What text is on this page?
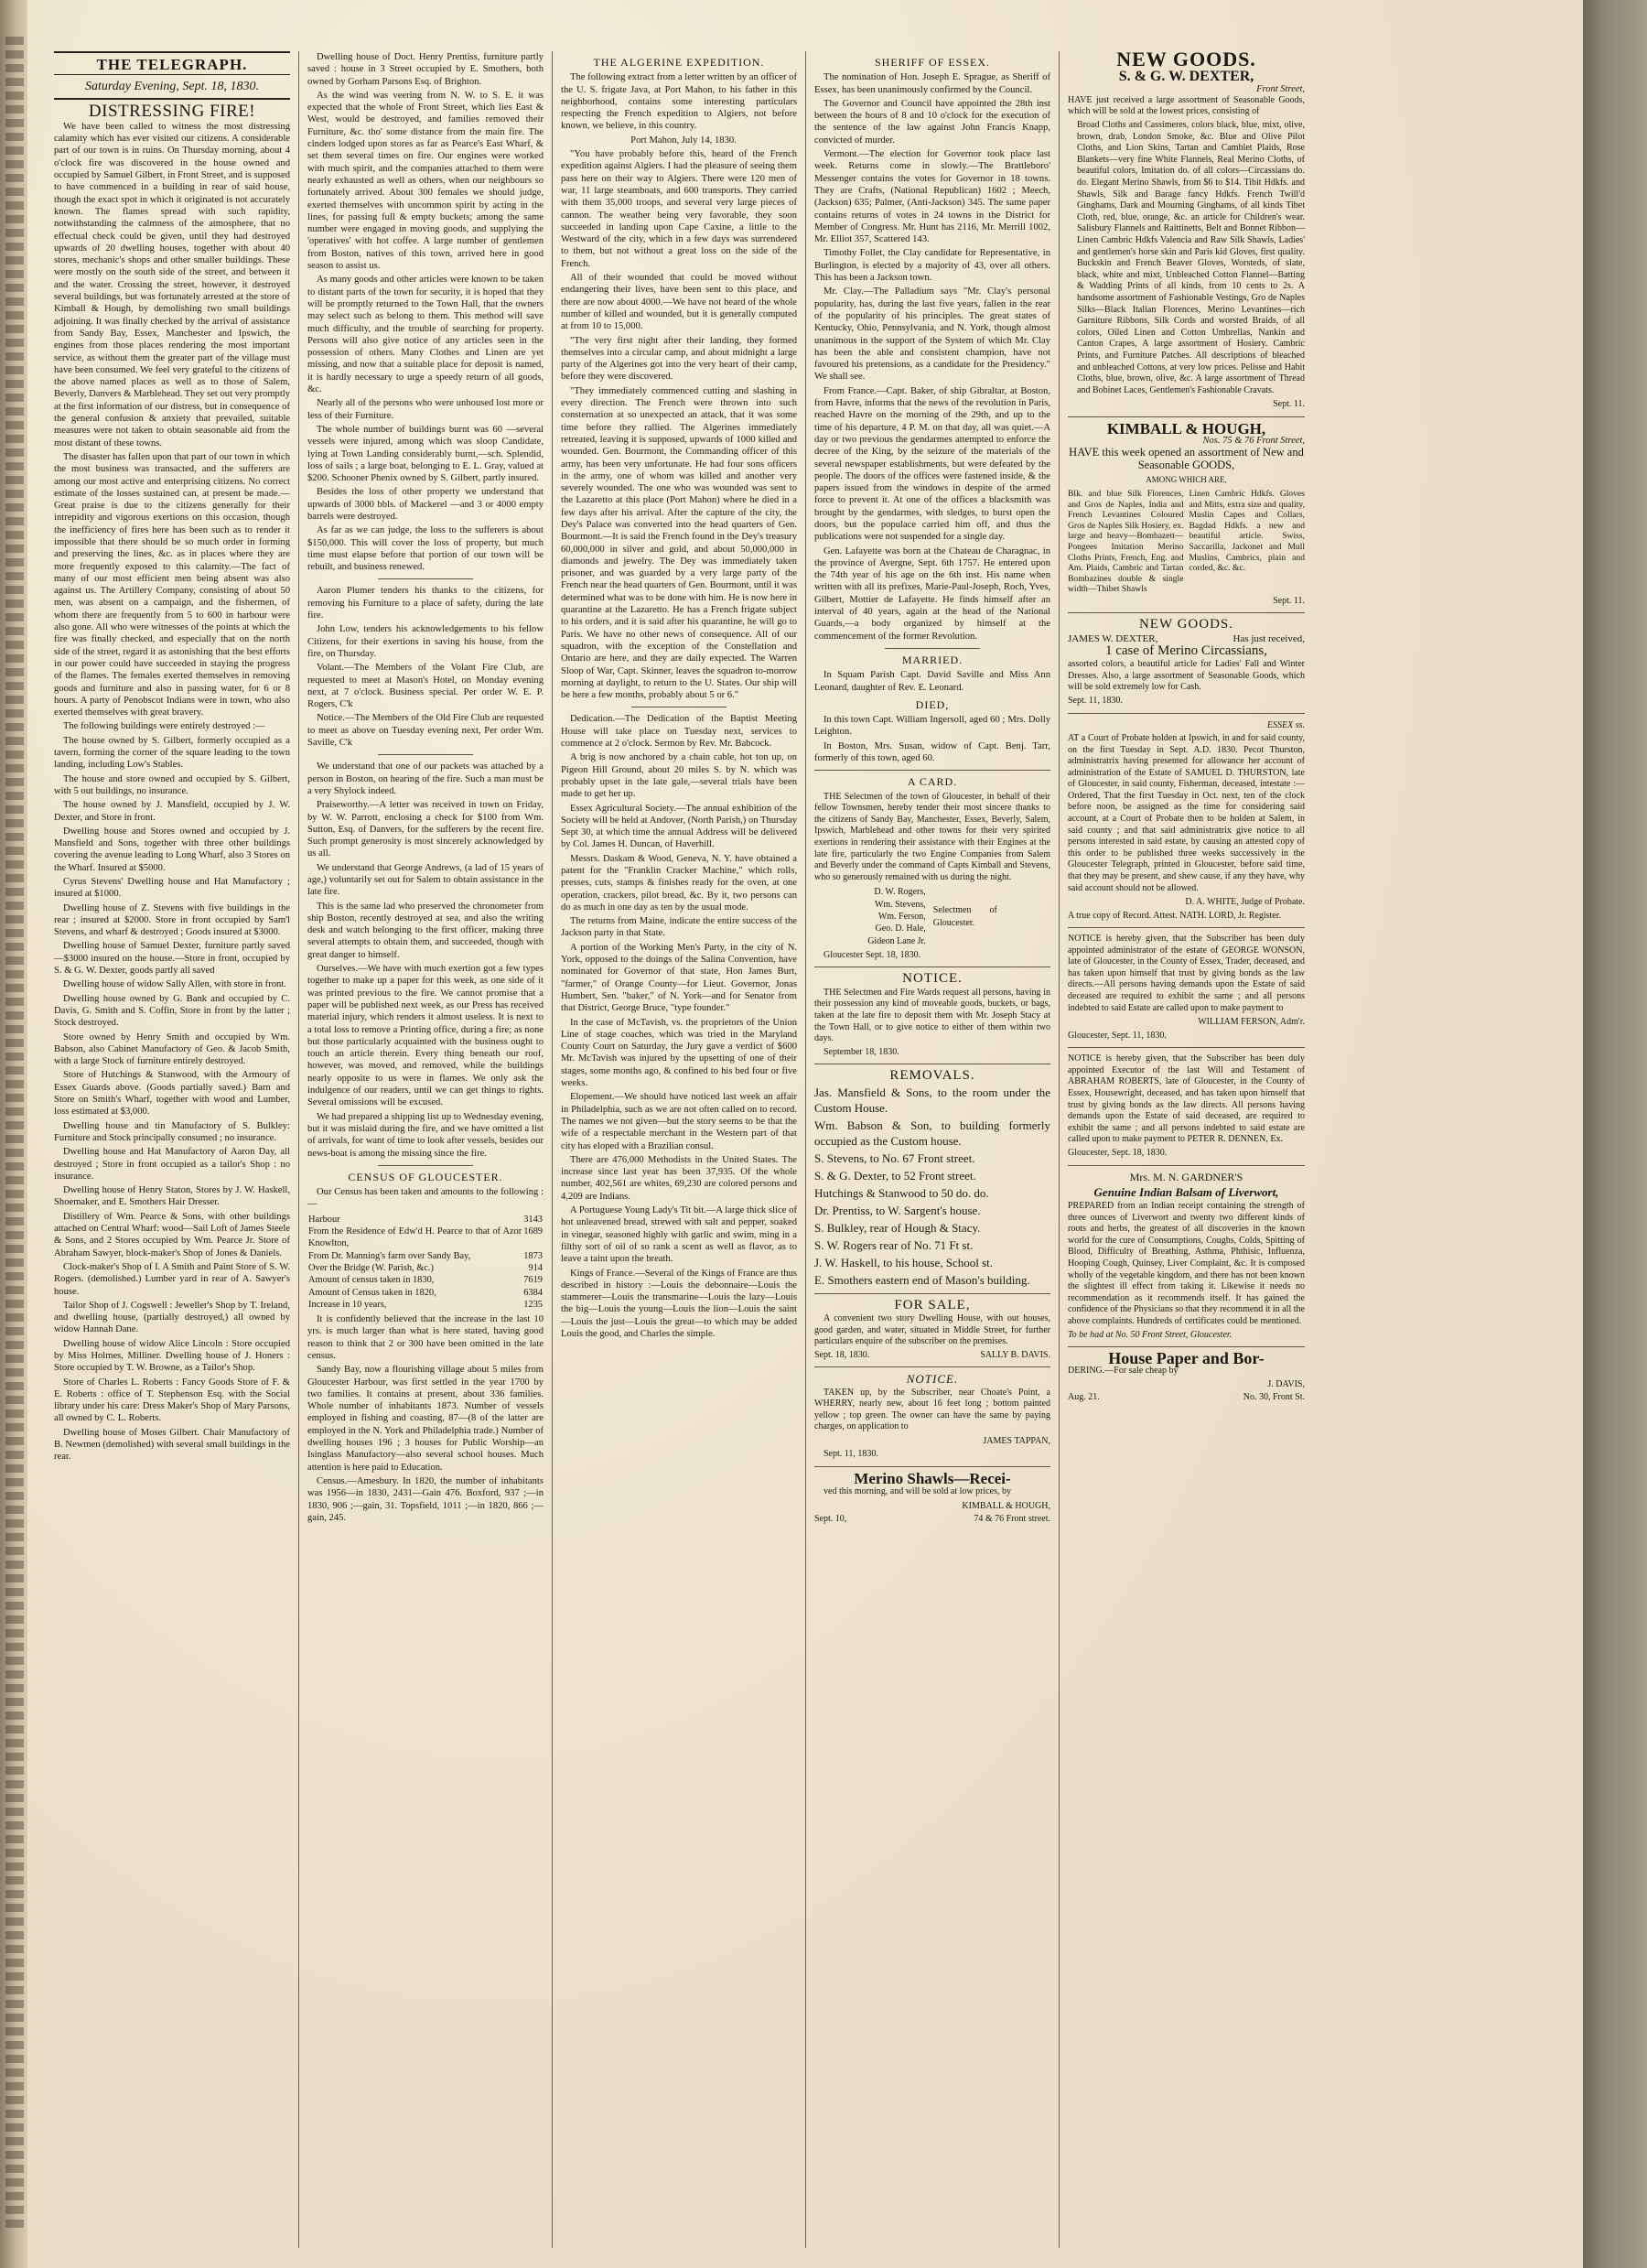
THE TELEGRAPH.
Saturday Evening, Sept. 18, 1830.
DISTRESSING FIRE!

We have been called to witness the most distressing calamity which has ever visited our citizens. A considerable part of our town is in ruins. On Thursday morning, about 4 o'clock fire was discovered in the house owned and occupied by Samuel Gilbert, in Front Street, and is supposed to have commenced in a building in rear of said house, though the exact spot in which it originated is not accurately known. The flames spread with such rapidity, notwithstanding the calmness of the atmosphere, that no effectual check could be given, until they had destroyed upwards of 20 dwelling houses, together with about 40 stores, mechanic's shops and other smaller buildings. These were mostly on the south side of the street, and between it and the water. Crossing the street, however, it destroyed several buildings, but was fortunately arrested at the store of Kimball & Hough, by demolishing two small buildings adjoining. It was finally checked by the arrival of assistance from Sandy Bay, Essex, Manchester and Ipswich, the engines from those places rendering the most important service, as without them the greater part of the village must have been consumed. We feel very grateful to the citizens of the above named places as well as to those of Salem, Beverly, Danvers & Marblehead. They set out very promptly at the first information of our distress, but in consequence of the general confusion & anxiety that prevailed, suitable measures were not taken to obtain seasonable aid from the most distant of these towns.

The disaster has fallen upon that part of our town in which the most business was transacted, and the sufferers are among our most active and enterprising citizens. No correct estimate of the losses sustained can, at present be made.—Great praise is due to the citizens generally for their intrepidity and vigorous exertions on this occasion, though the inefficiency of fires here has been such as to render it impossible that there should be so much order in forming and preserving the lines, &c. as in places where they are more frequently exposed to this calamity.—The fact of many of our most efficient men being absent was also against us. The Artillery Company, consisting of about 50 men, was absent on a campaign, and the fishermen, of whom there are frequently from 5 to 600 in harbour were also gone. All who were witnesses of the points at which the fire was finally checked, and especially that on the north side of the street, regard it as astonishing that the best efforts in our power could have succeeded in staying the progress of the flames. The females exerted themselves in removing goods and furniture and also in passing water, for 6 or 8 hours. A party of Penobscot Indians were in town, who also exerted themselves with great bravery.

The following buildings were entirely destroyed :—

The house owned by S. Gilbert, formerly occupied as a tavern, forming the corner of the square leading to the town landing, including Low's Stables.

The house and store owned and occupied by S. Gilbert, with 5 out buildings, no insurance.

The house owned by J. Mansfield, occupied by J. W. Dexter, and Store in front.

Dwelling house and Stores owned and occupied by J. Mansfield and Sons, together with three other buildings covering the avenue leading to Long Wharf, also 3 Stores on the Wharf. Insured at $5000.

Cyrus Stevens' Dwelling house and Hat Manufactory ; insured at $1000.

Dwelling house of Z. Stevens with five buildings in the rear ; insured at $2000. Store in front occupied by Sam'l Stevens, and wharf & destroyed ; Goods insured at $3000.

Dwelling house of Samuel Dexter, furniture partly saved—$3000 insured on the house.—Store in front, occupied by S. & G. W. Dexter, goods partly all saved

Dwelling house of widow Sally Allen, with store in front.

Dwelling house owned by G. Bank and occupied by C. Davis, G. Smith and S. Coffin, Store in front by the latter ; Stock destroyed.

Store owned by Henry Smith and occupied by Wm. Babson, also Cabinet Manufactory of Geo. & Jacob Smith, with a large Stock of furniture entirely destroyed.

Store of Hutchings & Stanwood, with the Armoury of Essex Guards above. (Goods partially saved.) Barn and Store on Smith's Wharf, together with wood and Lumber, loss estimated at $3,000.

Dwelling house and tin Manufactory of S. Bulkley: Furniture and Stock principally consumed ; no insurance.

Dwelling house and Hat Manufactory of Aaron Day, all destroyed ; Store in front occupied as a tailor's Shop : no insurance.

Dwelling house of Henry Staton, Stores by J. W. Haskell, Shoemaker, and E. Smothers Hair Dresser.

Distillery of Wm. Pearce & Sons, with other buildings attached on Central Wharf: wood—Sail Loft of James Steele & Sons, and 2 Stores occupied by Wm. Pearce Jr. Store of Abraham Sawyer, block-maker's Shop of Jones & Daniels.

Clock-maker's Shop of I. A Smith and Paint Store of S. W. Rogers. (demolished.) Lumber yard in rear of A. Sawyer's house.

Tailor Shop of J. Cogswell : Jeweller's Shop by T. Ireland, and dwelling house, (partially destroyed,) all owned by widow Hannah Dane.

Dwelling house of widow Alice Lincoln : Store occupied by Miss Holmes, Milliner. Dwelling house of J. Honers : Store occupied by T. W. Browne, as a Tailor's Shop.

Store of Charles L. Roberts : Fancy Goods Store of F. & E. Roberts : office of T. Stephenson Esq. with the Social library under his care: Dress Maker's Shop of Mary Parsons, all owned by C. L. Roberts.

Dwelling house of Moses Gilbert. Chair Manufactory of B. Newmen (demolished) with several small buildings in the rear.

Dwelling house of Doct. Henry Prentiss, furniture partly saved : house in 3 Street occupied by E. Smothers, both owned by Gorham Parsons Esq. of Brighton.

As the wind was veering from N. W. to S. E. it was expected that the whole of Front Street, which lies East & West, would be destroyed, and families removed their Furniture, &c. tho' some distance from the main fire. The cinders lodged upon stores as far as Pearce's East Wharf, & set them several times on fire. Our engines were worked with much spirit, and the companies attached to them were nearly exhausted as well as others, when our neighbours so fortunately arrived. About 300 females we should judge, exerted themselves with uncommon spirit by acting in the lines, for passing full & empty buckets; among the same number were engaged in moving goods, and supplying the 'operatives' with hot coffee. A large number of gentlemen from Boston, natives of this town, arrived here in good season to assist us.

As many goods and other articles were known to be taken to distant parts of the town for security, it is hoped that they will be promptly returned to the Town Hall, that the owners may select such as belong to them. This method will save much difficulty, and the trouble of searching for property. Persons will also give notice of any articles seen in the possession of others. Many Clothes and Linen are yet missing, and now that a suitable place for deposit is named, it is hardly necessary to urge a speedy return of all goods, &c.

Nearly all of the persons who were unhoused lost more or less of their Furniture.

The whole number of buildings burnt was 60 —several vessels were injured, among which was sloop Candidate, lying at Town Landing considerably burnt,—sch. Splendid, loss of sails ; a large boat, belonging to E. L. Gray, valued at $200. Schooner Phenix owned by S. Gilbert, partly insured.

Besides the loss of other property we understand that upwards of 3000 bbls. of Mackerel —and 3 or 4000 empty barrels were destroyed.

As far as we can judge, the loss to the sufferers is about $150,000. This will cover the loss of property, but much time must elapse before that portion of our town will be rebuilt, and business renewed.

Aaron Plumer tenders his thanks to the citizens, for removing his Furniture to a place of safety, during the late fire.

John Low, tenders his acknowledgements to his fellow Citizens, for their exertions in saving his house, from the fire, on Thursday.

Volant.—The Members of the Volant Fire Club, are requested to meet at Mason's Hotel, on Monday evening next, at 7 o'clock. Business special. Per order W. E. P. Rogers, C'k

Notice.—The Members of the Old Fire Club are requested to meet as above on Tuesday evening next, Per order Wm. Saville, C'k

We understand that one of our packets was attached by a person in Boston, on hearing of the fire. Such a man must be a very Shylock indeed.

Praiseworthy.—A letter was received in town on Friday, by W. W. Parrott, enclosing a check for $100 from Wm. Sutton, Esq. of Danvers, for the sufferers by the recent fire. Such prompt generosity is most sincerely acknowledged by us all.

We understand that George Andrews, (a lad of 15 years of age,) voluntarily set out for Salem to obtain assistance in the late fire.

This is the same lad who preserved the chronometer from ship Boston, recently destroyed at sea, and also the writing desk and watch belonging to the first officer, making three several attempts to obtain them, and succeeded, though with great danger to himself.

Ourselves.—We have with much exertion got a few types together to make up a paper for this week, as one side of it was printed previous to the fire. We cannot promise that a paper will be published next week, as our Press has received material injury, which renders it almost useless. It is next to a total loss to remove a Printing office, during a fire; as none but those particularly acquainted with the business ought to touch an article therein. Every thing beneath our roof, however, was moved, and removed, while the buildings nearly opposite to us were in flames. We only ask the indulgence of our readers, until we can get things to rights. Several omissions will be excused.

We had prepared a shipping list up to Wednesday evening, but it was mislaid during the fire, and we have omitted a list of arrivals, for want of time to look after vessels, besides our news-boat is among the missing since the fire.

CENSUS OF GLOUCESTER.

Our Census has been taken and amounts to the following :—

Harbour	3143
From the Residence of Edw'd H. Pearce to that of Azor Knowlton,	1689
From Dr. Manning's farm over Sandy Bay,	1873
Over the Bridge (W. Parish, &c.)	914
Amount of census taken in 1830,	7619
Amount of Census taken in 1820,	6384
Increase in 10 years,	1235

It is confidently believed that the increase in the last 10 yrs. is much larger than what is here stated, having good reason to think that 2 or 300 have been omitted in the late census.

Sandy Bay, now a flourishing village about 5 miles from Gloucester Harbour, was first settled in the year 1700 by two families. It contains at present, about 336 families. Whole number of inhabitants 1873. Number of vessels employed in fishing and coasting, 87—(8 of the latter are employed in the N. York and Philadelphia trade.) Number of dwelling houses 196 ; 3 houses for Public Worship—an Isinglass Manufactory—also several school houses. Much attention is here paid to Education.

Census.—Amesbury. In 1820, the number of inhabitants was 1956—in 1830, 2431—Gain 476. Boxford, 937 ;—in 1830, 906 ;—gain, 31. Topsfield, 1011 ;—in 1820, 866 ;—gain, 245.

THE ALGERINE EXPEDITION.

The following extract from a letter written by an officer of the U. S. frigate Java, at Port Mahon, to his father in this neighborhood, contains some interesting particulars respecting the French expedition to Algiers, not before known, we believe, in this country.

Port Mahon, July 14, 1830.

"You have probably before this, heard of the French expedition against Algiers. I had the pleasure of seeing them pass here on their way to Algiers. There were 120 men of war, 11 large steamboats, and 600 transports. They carried with them 35,000 troops, and several very large pieces of cannon. The weather being very favorable, they soon succeeded in landing upon Cape Caxine, a little to the Westward of the city, which in a few days was surrendered to them, but not without a great loss on the side of the French.

All of their wounded that could be moved without endangering their lives, have been sent to this place, and there are now about 4000.—We have not heard of the whole number of killed and wounded, but it is generally computed at from 10 to 15,000.

"The very first night after their landing, they formed themselves into a circular camp, and about midnight a large party of the Algerines got into the very heart of their camp, before they were discovered.

"They immediately commenced cutting and slashing in every direction. The French were thrown into such consternation at so unexpected an attack, that it was some time before they rallied. The Algerines immediately retreated, leaving it is supposed, upwards of 1000 killed and wounded. Gen. Bourmont, the Commanding officer of this army, has been very unfortunate. He had four sons officers in the army, one of whom was killed and another very severely wounded. The one who was wounded was sent to the Lazaretto at this place (Port Mahon) where he died in a few days after his arrival. After the capture of the city, the Dey's Palace was converted into the head quarters of Gen. Bourmont.—It is said the French found in the Dey's treasury 60,000,000 in silver and gold, and about 50,000,000 in diamonds and jewelry. The Dey was immediately taken prisoner, and was guarded by a very large party of the French near the head quarters of Gen. Bourmont, until it was determined what was to be done with him. He is now here in quarantine at the Lazaretto. He has a French frigate subject to his orders, and it is said after his quarantine, he will go to Paris. We have no other news of consequence. All of our squadron, with the exception of the Constellation and Ontario are here, and they are daily expected. The Warren Sloop of War, Capt. Skinner, leaves the squadron to-morrow morning at daylight, to return to the U. States. Our ship will be here a few months, probably about 5 or 6."

Dedication.—The Dedication of the Baptist Meeting House will take place on Tuesday next, services to commence at 2 o'clock. Sermon by Rev. Mr. Babcock.

A brig is now anchored by a chain cable, hot ton up, on Pigeon Hill Ground, about 20 miles S. by N. which was probably upset in the late gale,—several trials have been made to get her up.

Essex Agricultural Society.—The annual exhibition of the Society will be held at Andover, (North Parish,) on Thursday Sept 30, at which time the annual Address will be delivered by Col. James H. Duncan, of Haverhill.

Messrs. Daskam & Wood, Geneva, N. Y. have obtained a patent for the "Franklin Cracker Machine," which rolls, presses, cuts, stamps & finishes ready for the oven, at one operation, crackers, pilot bread, &c. By it, two persons can do as much in one day as ten by the usual mode.

The returns from Maine, indicate the entire success of the Jackson party in that State.

A portion of the Working Men's Party, in the city of N. York, opposed to the doings of the Salina Convention, have nominated for Governor of that state, Hon James Burt, "farmer," of Orange County—for Lieut. Governor, Jonas Humbert, Sen. "baker," of N. York—and for Senator from that District, George Bruce, "type founder."

In the case of McTavish, vs. the proprietors of the Union Line of stage coaches, which was tried in the Maryland County Court on Saturday, the Jury gave a verdict of $600 Mr. McTavish was injured by the upsetting of one of their stages, some months ago, & confined to his bed four or five weeks.

Elopement.—We should have noticed last week an affair in Philadelphia, such as we are not often called on to record. The names we not given—but the story seems to be that the wife of a respectable merchant in the Western part of that city has eloped with a Brazilian consul.

There are 476,000 Methodists in the United States. The increase since last year has been 37,935. Of the whole number, 402,561 are whites, 69,230 are colored persons and 4,209 are Indians.

A Portuguese Young Lady's Tit bit.—A large thick slice of hot unleavened bread, strewed with salt and pepper, soaked in vinegar, seasoned highly with garlic and swim, ming in a filthy sort of oil of so rank a scent as well as flavor, as to leave a taint upon the breath.

Kings of France.—Several of the Kings of France are thus described in history :—Louis the debonnaire—Louis the stammerer—Louis the transmarine—Louis the lazy—Louis the big—Louis the young—Louis the lion—Louis the saint —Louis the just—Louis the great—to which may be added Louis the good, and Charles the simple.

SHERIFF OF ESSEX.

The nomination of Hon. Joseph E. Sprague, as Sheriff of Essex, has been unanimously confirmed by the Council.

The Governor and Council have appointed the 28th inst between the hours of 8 and 10 o'clock for the execution of the sentence of the law against John Francis Knapp, convicted of murder.

Vermont.—The election for Governor took place last week. Returns come in slowly.—The Brattleboro' Messenger contains the votes for Governor in 18 towns. They are Crafts, (National Republican) 1602 ; Meech, (Jackson) 635; Palmer, (Anti-Jackson) 345. The same paper contains returns of votes in 24 towns in the District for Member of Congress. Mr. Hunt has 2116, Mr. Merrill 1002, Mr. Elliot 357, Scattered 143.

Timothy Follet, the Clay candidate for Representative, in Burlington, is elected by a majority of 43, over all others. This has been a Jackson town.

Mr. Clay.—The Palladium says "Mr. Clay's personal popularity, has, during the last five years, fallen in the rear of the popularity of his principles. The great states of Kentucky, Ohio, Pennsylvania, and N. York, though almost unanimous in the support of the System of which Mr. Clay has been the able and consistent champion, have not favoured his pretensions, as a candidate for the Presidency." We shall see.

From France.—Capt. Baker, of ship Gibraltar, at Boston, from Havre, informs that the news of the revolution in Paris, reached Havre on the morning of the 29th, and up to the time of his departure, 4 P. M. on that day, all was quiet.—A day or two previous the gendarmes attempted to enforce the decree of the King, by the seizure of the materials of the several newspaper establishments, but were defeated by the people. The doors of the offices were fastened inside, & the papers issued from the windows in despite of the armed force to prevent it. At one of the offices a blacksmith was brought by the gendarmes, with sledges, to burst open the doors, but the populace carried him off, and thus the publications were not suspended for a single day.

Gen. Lafayette was born at the Chateau de Charagnac, in the province of Avergne, Sept. 6th 1757. He entered upon the 74th year of his age on the 6th inst. His name when written with all its prefixes, Marie-Paul-Joseph, Roch, Yves, Gilbert, Mottier de Lafayette. He finds himself after an interval of 40 years, again at the head of the National Guards,—a body organized by himself at the commencement of the former Revolution.

MARRIED.

In Squam Parish Capt. David Saville and Miss Ann Leonard, daughter of Rev. E. Leonard.

DIED,

In this town Capt. William Ingersoll, aged 60 ; Mrs. Dolly Leighton.

In Boston, Mrs. Susan, widow of Capt. Benj. Tarr, formerly of this town, aged 60.

A CARD.

THE Selectmen of the town of Gloucester, in behalf of their fellow Townsmen, hereby tender their most sincere thanks to the citizens of Sandy Bay, Manchester, Essex, Beverly, Salem, Ipswich, Marblehead and other towns for their very spirited exertions in rendering their assistance with their Engines at the late fire, particularly the two Engine Companies from Salem and Beverly under the command of Capts Kimball and Stevens, who so generously remained with us during the night.

D. W. Rogers,
Wm. Stevens,
Wm. Ferson,
Geo. D. Hale,
Gideon Lane Jr.
Selectmen of Gloucester.

Gloucester Sept. 18, 1830.

NOTICE.

THE Selectmen and Fire Wards request all persons, having in their possession any kind of moveable goods, buckets, or bags, taken at the late fire to deposit them with Mr. Joseph Stacy at the Town Hall, or to give notice to either of them within two days.

September 18, 1830.

REMOVALS.

Jas. Mansfield & Sons, to the room under the Custom House.

Wm. Babson & Son, to building formerly occupied as the Custom house.

S. Stevens, to No. 67 Front street.

S. & G. Dexter, to 52 Front street.

Hutchings & Stanwood to 50 do. do.

Dr. Prentiss, to W. Sargent's house.

S. Bulkley, rear of Hough & Stacy.

S. W. Rogers rear of No. 71 Ft st.

J. W. Haskell, to his house, School st.

E. Smothers eastern end of Mason's building.

FOR SALE,

A convenient two story Dwelling House, with out houses, good garden, and water, situated in Middle Street, for further particulars enquire of the subscriber on the premises.

Sept. 18, 1830.	SALLY B. DAVIS.
NOTICE.

TAKEN up, by the Subscriber, near Choate's Point, a WHERRY, nearly new, about 16 feet long ; bottom painted yellow ; top green. The owner can have the same by paying charges, on application to

JAMES TAPPAN,

Sept. 11, 1830.

Merino Shawls—Recei-

ved this morning, and will be sold at low prices, by

KIMBALL & HOUGH,

Sept. 10,	74 & 76 Front street.
NEW GOODS.
S. & G. W. DEXTER,
Front Street,

HAVE just received a large assortment of Seasonable Goods, which will be sold at the lowest prices, consisting of

Broad Cloths and Cassimeres, colors black, blue, mixt, olive, brown, drab, London Smoke, &c. Blue and Olive Pilot Cloths, and Lion Skins, Tartan and Camblet Plaids, Rose Blankets—very fine White Flannels, Real Merino Cloths, of beautiful colors, Imitation do. of all colors—Circassians do. do. Elegant Merino Shawls, from $6 to $14. Tibit Hdkfs. and Shawls, Silk and Barage fancy Hdkfs. French Twill'd Ginghams, Dark and Mourning Ginghams, of all kinds Tibet Cloth, red, blue, orange, &c. an article for Children's wear. Salisbury Flannels and Raittinetts, Belt and Bonnet Ribbon—Linen Cambric Hdkfs Valencia and Raw Silk Shawls, Ladies' and gentlemen's horse skin and Paris kid Gloves, first quality. Buckskin and French Beaver Gloves, Worsteds, of slate, black, white and mixt, Unbleached Cotton Flannel—Batting & Wadding Prints of all kinds, from 10 cents to 2s. A handsome assortment of Fashionable Vestings, Gro de Naples Silks—Black Italian Florences, Merino Levantines—rich Garniture Ribbons, Silk Cords and worsted Braids, of all colors, Oiled Linen and Cotton Umbrellas, Nankin and Canton Crapes, A large assortment of Hosiery. Cambric Prints, and Furniture Patches. All descriptions of bleached and unbleached Cottons, at very low prices. Pelisse and Habit Cloths, blue, brown, olive, &c. A large assortment of Thread and Bobinet Laces, Gentlemen's Fashionable Cravats.

Sept. 11.

KIMBALL & HOUGH,
Nos. 75 & 76 Front Street,

HAVE this week opened an assortment of New and Seasonable GOODS,

AMONG WHICH ARE,
Blk. and blue Silk Florences, and Gros de Naples, India and French Levantines Coloured Gros de Naples Silk Hosiery, ex. large and heavy—Bombazett—Pongees Imitation Merino Cloths Prints, French, Eng. and Am. Plaids, Cambric and Tartan Bombazines double & single width—Thibet Shawls
Linen Cambric Hdkfs. Gloves and Mitts, extra size and quality, Muslin Capes and Collars, Bagdad Hdkfs. a new and beautiful article. Swiss, Saccarilla, Jackonet and Mull Muslins, Cambrics, plain and corded, &c. &c.

Sept. 11.

NEW GOODS.
JAMES W. DEXTER,	Has just received,

1 case of Merino Circassians,

assorted colors, a beautiful article for Ladies' Fall and Winter Dresses. Also, a large assortment of Seasonable Goods, which will be sold extremely low for Cash.

Sept. 11, 1830.

ESSEX ss.

AT a Court of Probate holden at Ipswich, in and for said county, on the first Tuesday in Sept. A.D. 1830. Pecot Thurston, administratrix having presented for allowance her account of administration of the Estate of SAMUEL D. THURSTON, late of Gloucester, in said county, Fisherman, deceased, intestate :—Ordered, That the first Tuesday in Oct. next, ten of the clock before noon, be assigned as the time for considering said account, at a Court of Probate then to be holden at Salem, in said county ; and that said administratrix give notice to all persons interested in said estate, by causing an attested copy of this order to be published three weeks successively in the Gloucester Telegraph, printed in Gloucester, before said time, that they may be present, and shew cause, if any they have, why said account should not be allowed.

D. A. WHITE, Judge of Probate.

A true copy of Record. Attest. NATH. LORD, Jr. Register.

NOTICE is hereby given, that the Subscriber has been duly appointed administrator of the estate of GEORGE WONSON, late of Gloucester, in the County of Essex, Trader, deceased, and has taken upon himself that trust by giving bonds as the law directs.—All persons having demands upon the Estate of said deceased are required to exhibit the same ; and all persons indebted to said Estate are called upon to make payment to

WILLIAM FERSON, Adm'r.

Gloucester, Sept. 11, 1830.

NOTICE is hereby given, that the Subscriber has been duly appointed Executor of the last Will and Testament of ABRAHAM ROBERTS, late of Gloucester, in the County of Essex, Housewright, deceased, and has taken upon himself that trust by giving bonds as the law directs. All persons having demands upon the Estate of said deceased, are required to exhibit the same ; and all persons indebted to said estate are called upon to make payment to PETER R. DENNEN, Ex.

Gloucester, Sept. 18, 1830.

Mrs. M. N. GARDNER'S
Genuine Indian Balsam of Liverwort,

PREPARED from an Indian receipt containing the strength of three ounces of Liverwort and twenty two different kinds of roots and herbs, the greatest of all discoveries in the known world for the cure of Consumptions, Coughs, Colds, Spitting of Blood, Difficulty of Breathing, Asthma, Phthisic, Influenza, Hooping Cough, Quinsey, Liver Complaint, &c. It is composed wholly of the vegetable kingdom, and there has not been known the slightest ill effect from taking it. Likewise it needs no recommendation as it recommends itself. It has gained the confidence of the Physicians so that they recommend it in all the above complaints. Hundreds of certificates could be mentioned.

To be had at No. 50 Front Street, Gloucester.

House Paper and Bor-

DERING.—For sale cheap by

J. DAVIS,

Aug. 21.	No. 30, Front St.
